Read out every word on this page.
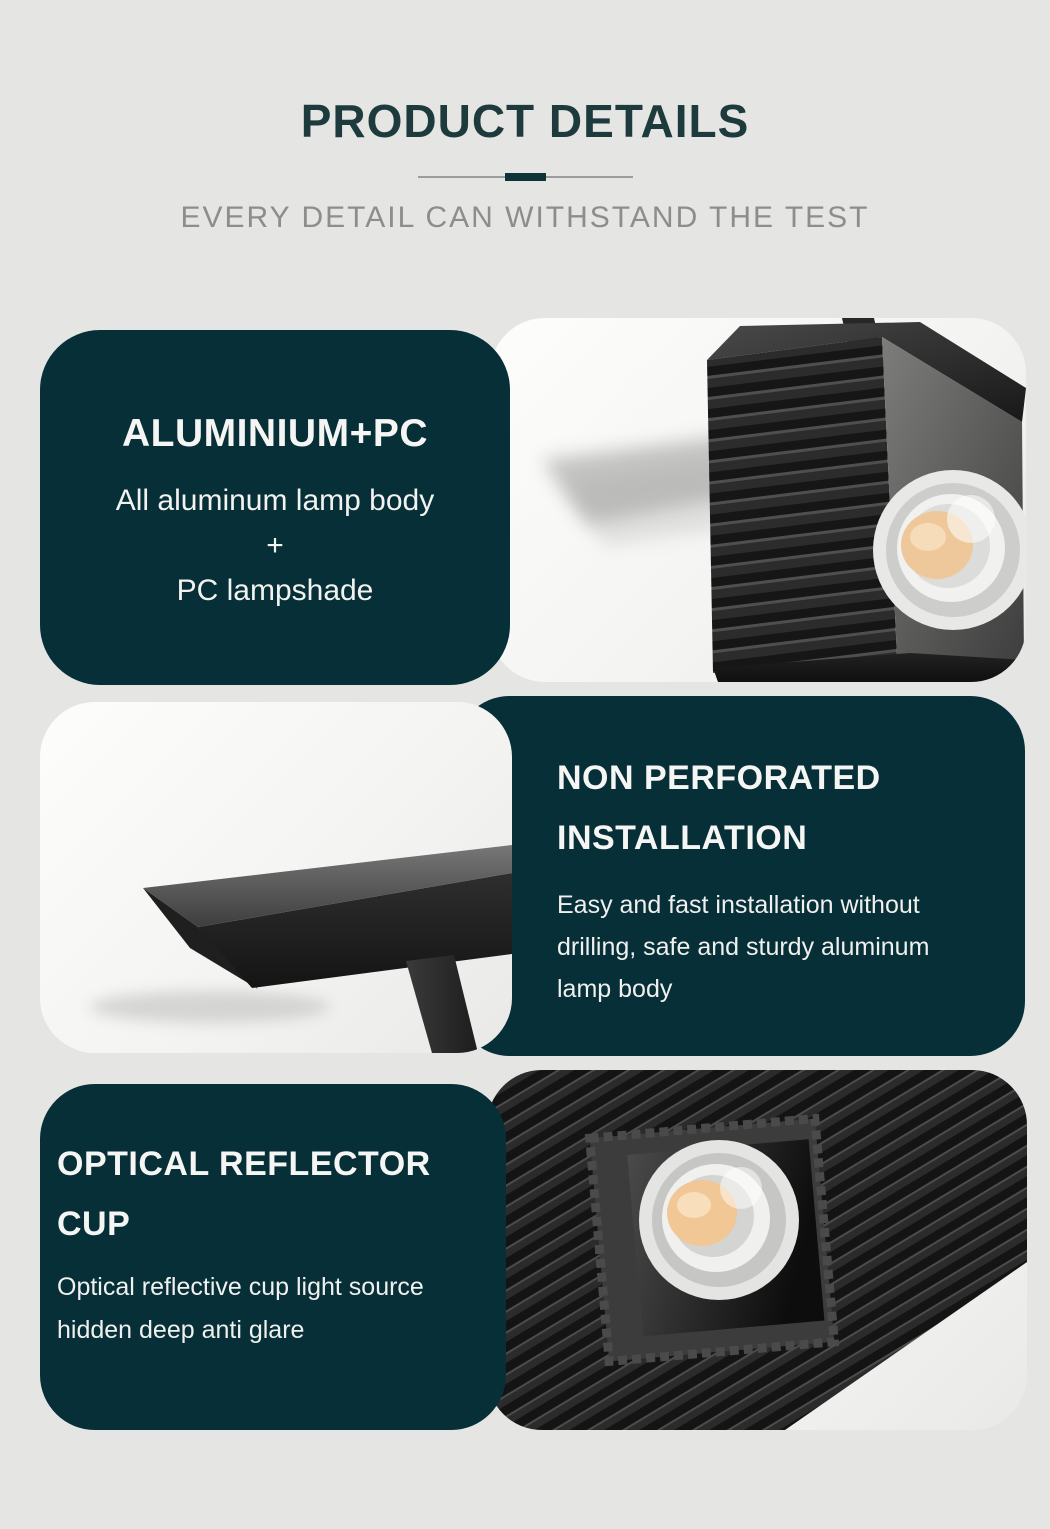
PRODUCT DETAILS
EVERY DETAIL CAN WITHSTAND THE TEST
ALUMINIUM+PC
All aluminum lamp body
+
PC lampshade
NON PERFORATED
INSTALLATION
Easy and fast installation without
drilling, safe and sturdy aluminum
lamp body
OPTICAL REFLECTOR
CUP
Optical reflective cup light source
hidden deep anti glare
